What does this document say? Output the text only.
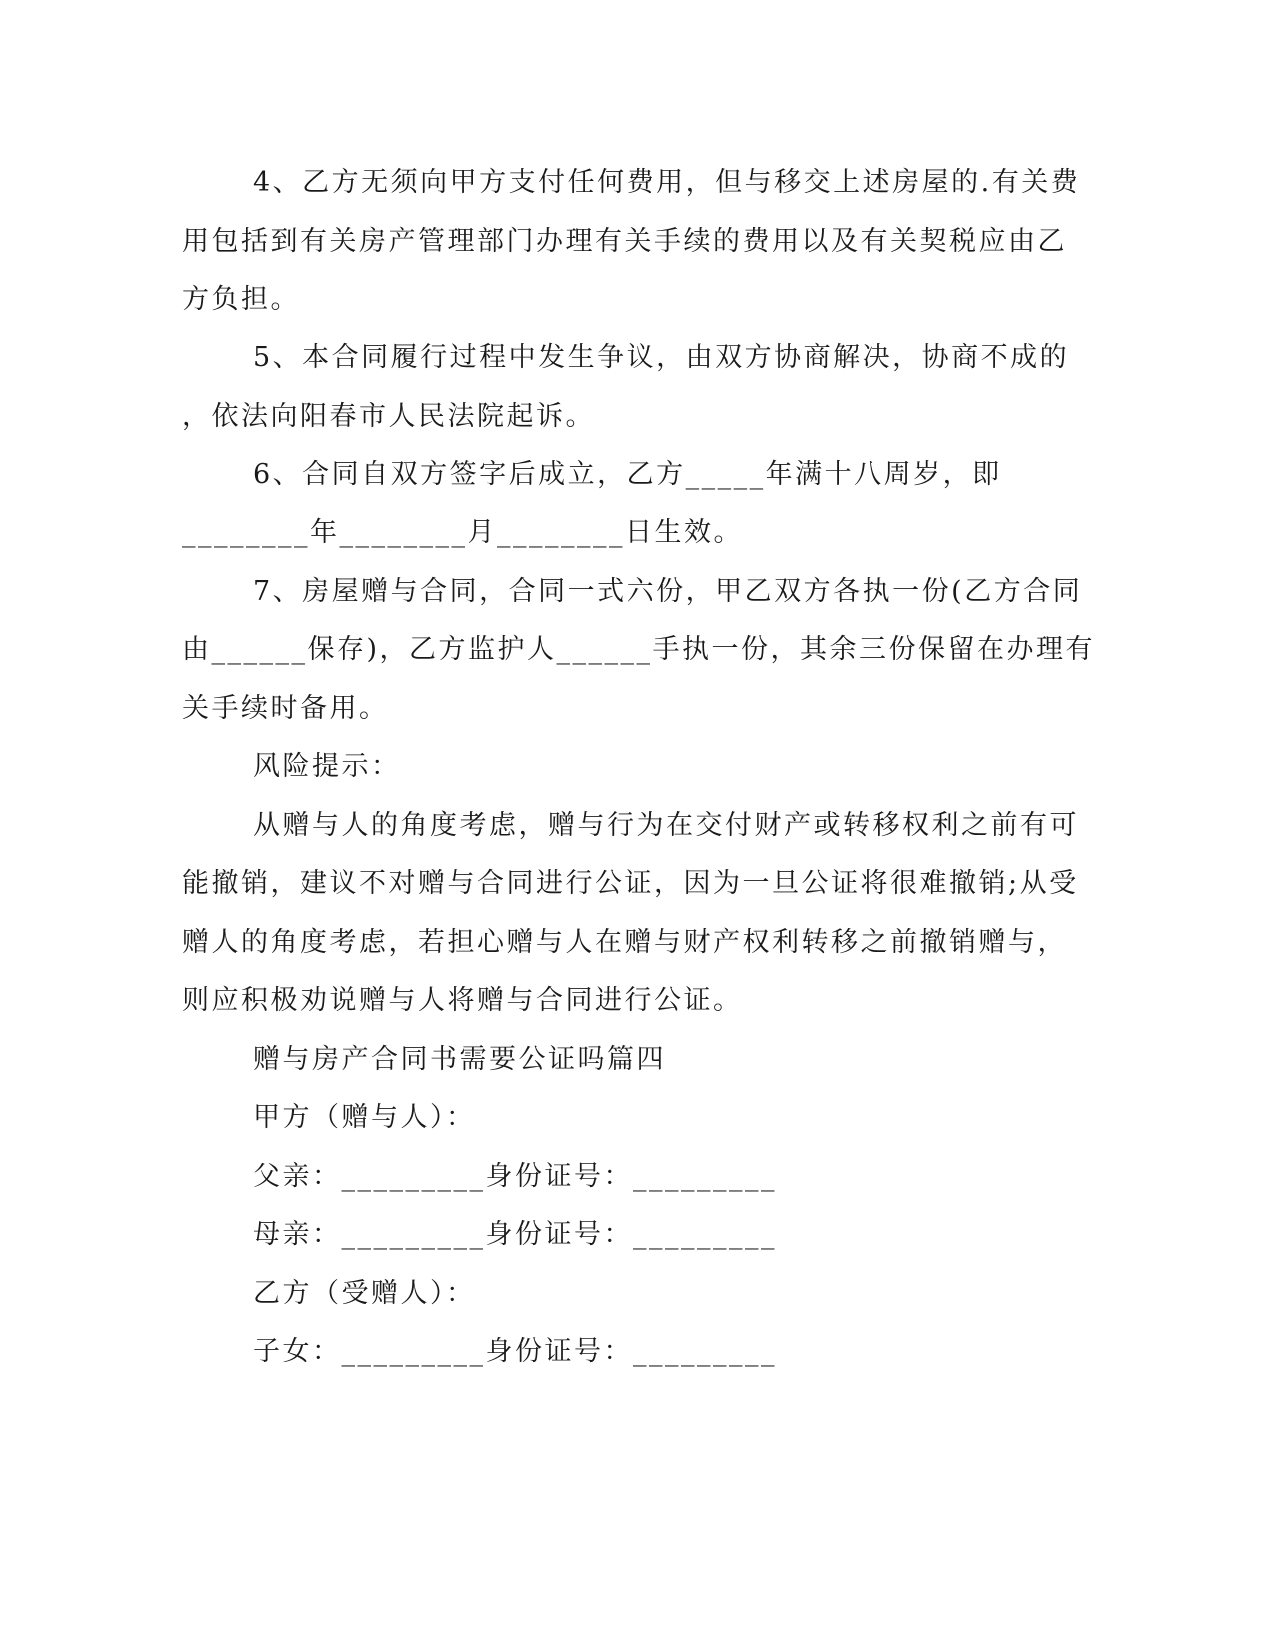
4、乙方无须向甲方支付任何费用，但与移交上述房屋的.有关费
用包括到有关房产管理部门办理有关手续的费用以及有关契税应由乙
方负担。
5、本合同履行过程中发生争议，由双方协商解决，协商不成的
，依法向阳春市人民法院起诉。
6、合同自双方签字后成立，乙方_____年满十八周岁，即
________年________月________日生效。
7、房屋赠与合同，合同一式六份，甲乙双方各执一份(乙方合同
由______保存)，乙方监护人______手执一份，其余三份保留在办理有
关手续时备用。
风险提示：
从赠与人的角度考虑，赠与行为在交付财产或转移权利之前有可
能撤销，建议不对赠与合同进行公证，因为一旦公证将很难撤销;从受
赠人的角度考虑，若担心赠与人在赠与财产权利转移之前撤销赠与，
则应积极劝说赠与人将赠与合同进行公证。
赠与房产合同书需要公证吗篇四
甲方（赠与人）：
父亲：_________身份证号：_________
母亲：_________身份证号：_________
乙方（受赠人）：
子女：_________身份证号：_________
